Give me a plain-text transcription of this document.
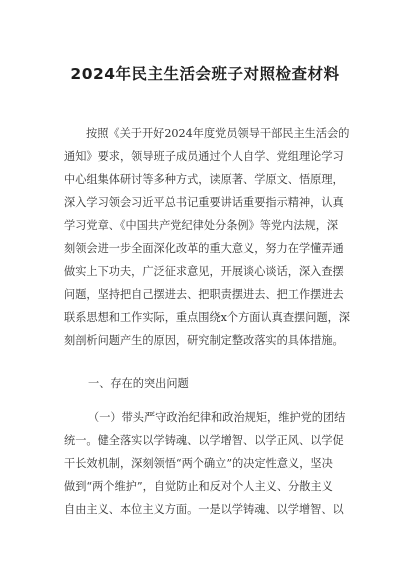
2024年民主生活会班子对照检查材料
按照《关于开好2024年度党员领导干部民主生活会的
通知》要求，领导班子成员通过个人自学、党组理论学习
中心组集体研讨等多种方式，读原著、学原文、悟原理，
深入学习领会习近平总书记重要讲话重要指示精神，认真
学习党章、《中国共产党纪律处分条例》等党内法规，深
刻领会进一步全面深化改革的重大意义，努力在学懂弄通
做实上下功夫，广泛征求意见，开展谈心谈话，深入查摆
问题，坚持把自己摆进去、把职责摆进去、把工作摆进去
联系思想和工作实际，重点围绕x个方面认真查摆问题，深
刻剖析问题产生的原因，研究制定整改落实的具体措施。
一、存在的突出问题
（一）带头严守政治纪律和政治规矩，维护党的团结
统一。健全落实以学铸魂、以学增智、以学正风、以学促
干长效机制，深刻领悟“两个确立”的决定性意义，坚决
做到“两个维护”，自觉防止和反对个人主义、分散主义
自由主义、本位主义方面。一是以学铸魂、以学增智、以
